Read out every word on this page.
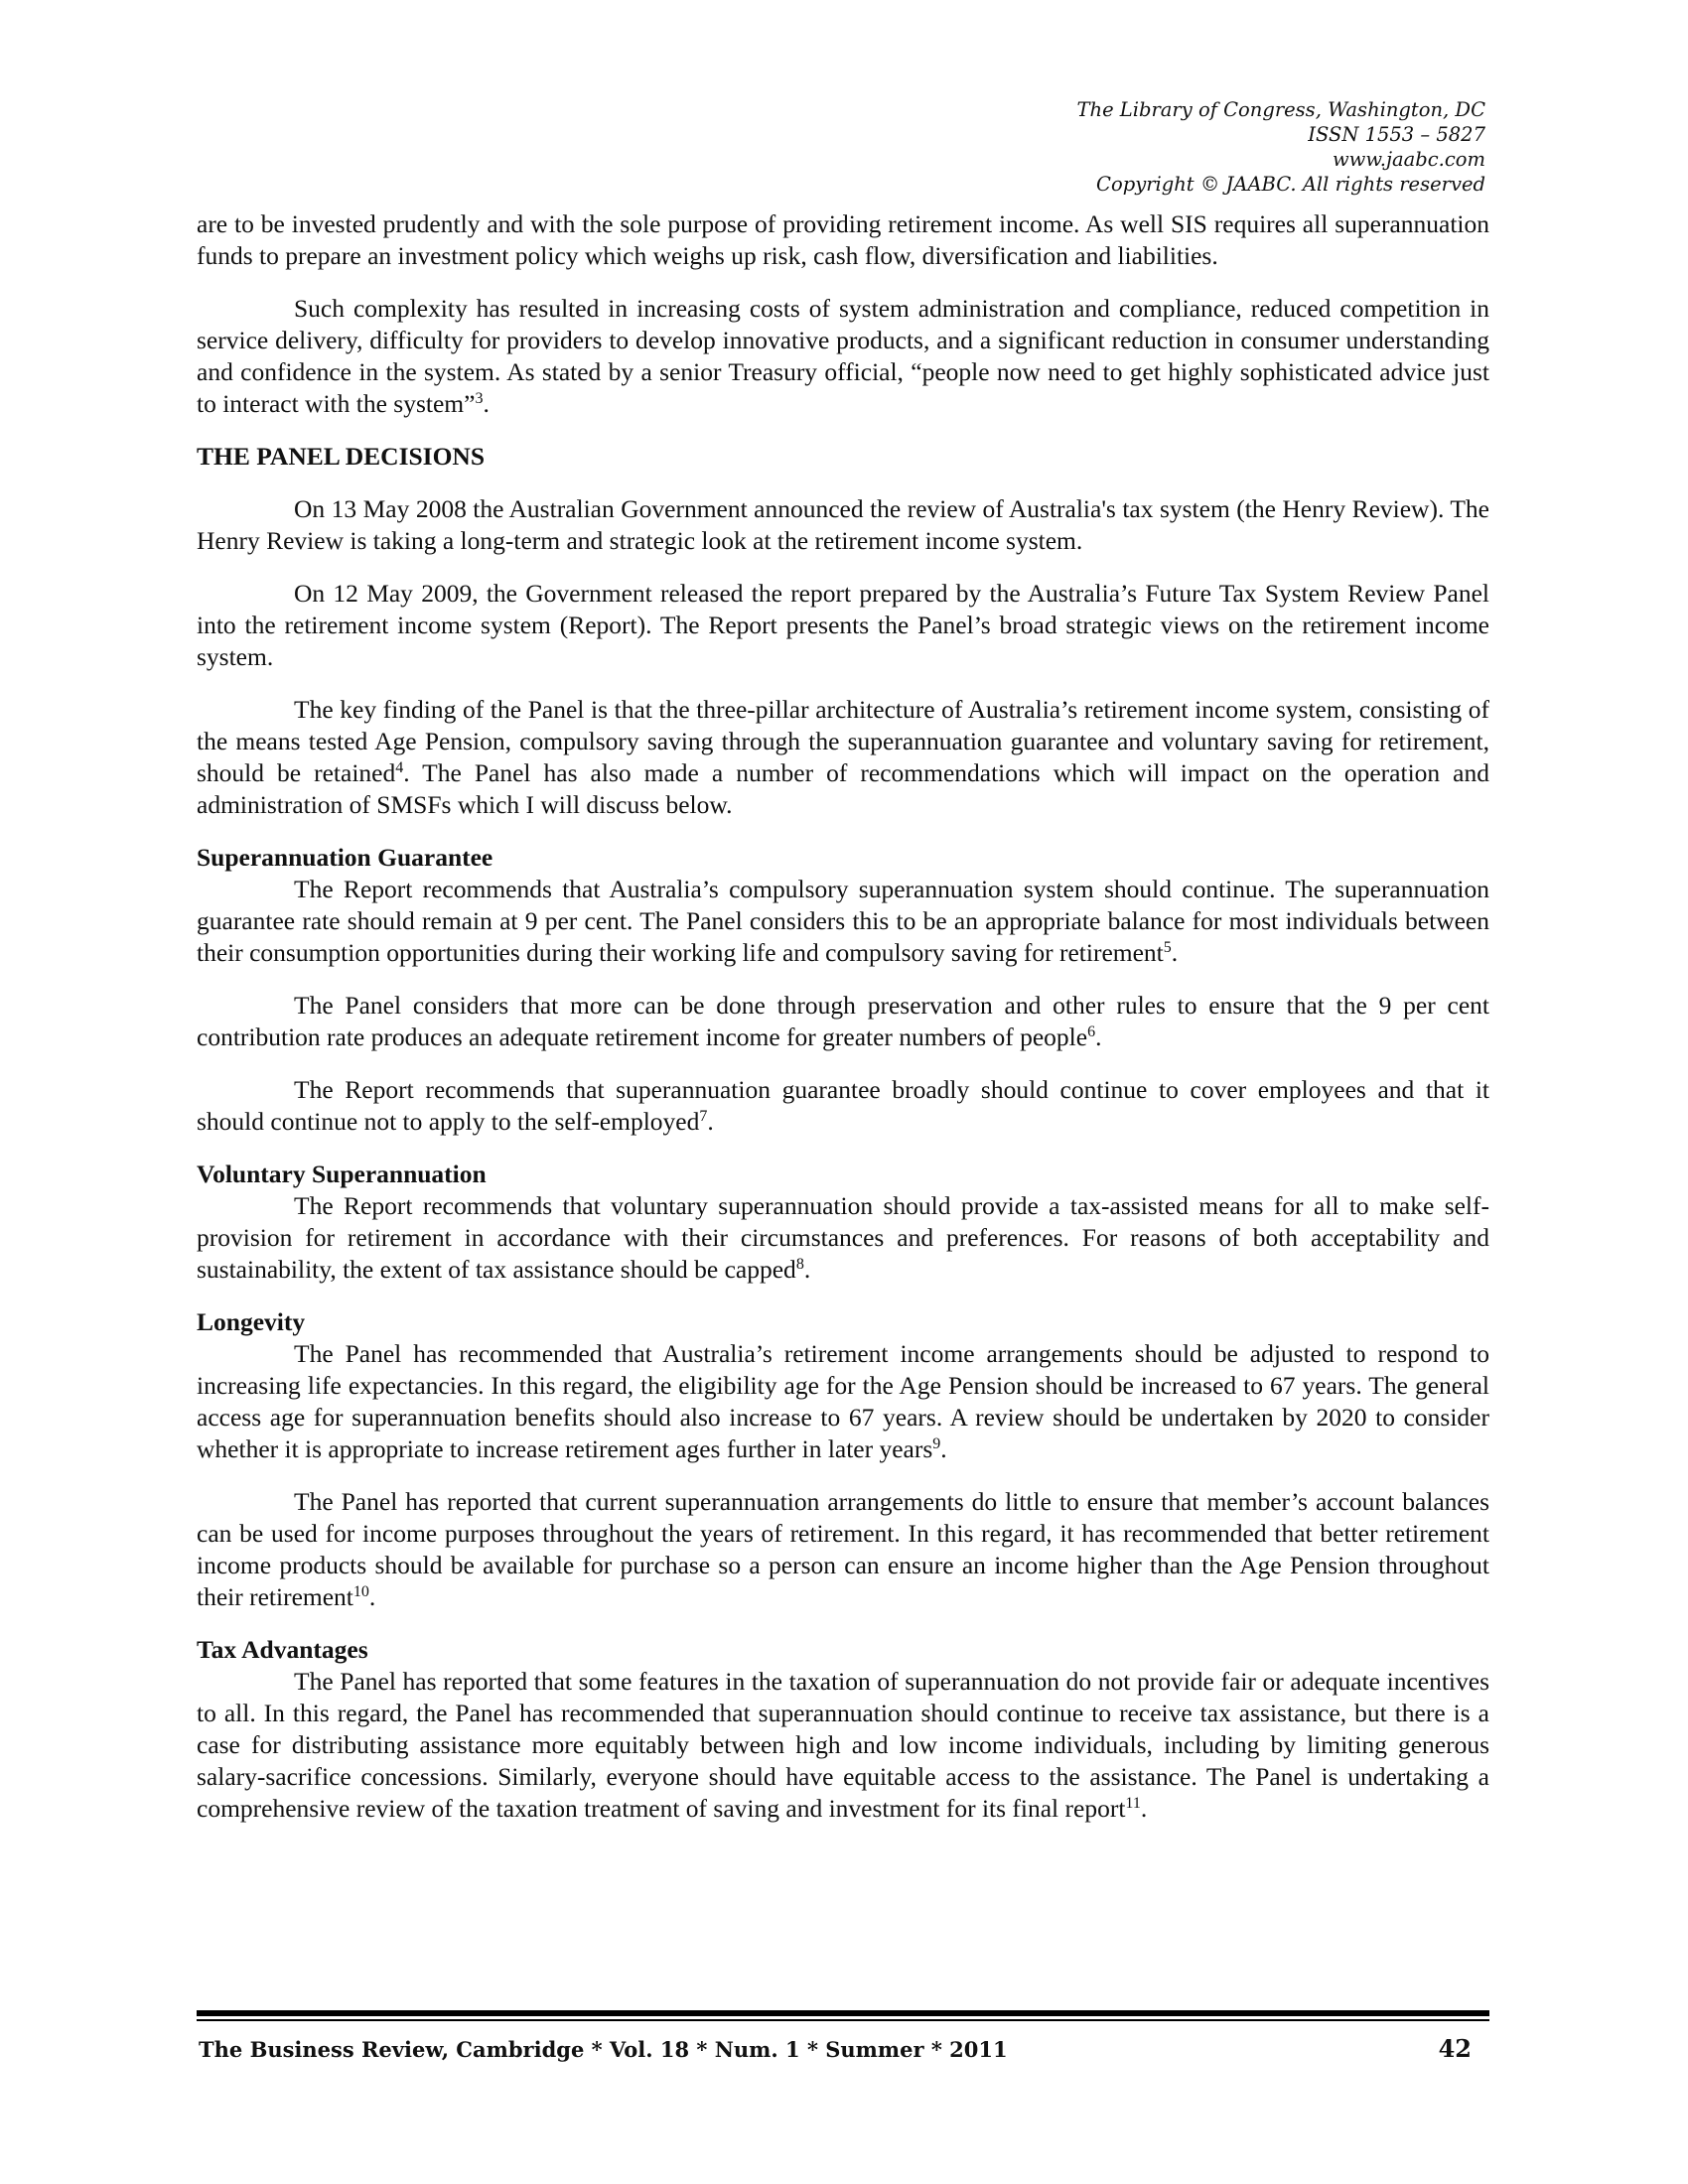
The Library of Congress, Washington, DC
ISSN 1553 – 5827
www.jaabc.com
Copyright © JAABC. All rights reserved

are to be invested prudently and with the sole purpose of providing retirement income. As well SIS requires all superannuation funds to prepare an investment policy which weighs up risk, cash flow, diversification and liabilities.

Such complexity has resulted in increasing costs of system administration and compliance, reduced competition in service delivery, difficulty for providers to develop innovative products, and a significant reduction in consumer understanding and confidence in the system. As stated by a senior Treasury official, “people now need to get highly sophisticated advice just to interact with the system”$^3$.

THE PANEL DECISIONS

On 13 May 2008 the Australian Government announced the review of Australia's tax system (the Henry Review). The Henry Review is taking a long-term and strategic look at the retirement income system.

On 12 May 2009, the Government released the report prepared by the Australia’s Future Tax System Review Panel into the retirement income system (Report). The Report presents the Panel’s broad strategic views on the retirement income system.

The key finding of the Panel is that the three-pillar architecture of Australia’s retirement income system, consisting of the means tested Age Pension, compulsory saving through the superannuation guarantee and voluntary saving for retirement, should be retained$^4$. The Panel has also made a number of recommendations which will impact on the operation and administration of SMSFs which I will discuss below.

Superannuation Guarantee

The Report recommends that Australia’s compulsory superannuation system should continue. The superannuation guarantee rate should remain at 9 per cent. The Panel considers this to be an appropriate balance for most individuals between their consumption opportunities during their working life and compulsory saving for retirement$^5$.

The Panel considers that more can be done through preservation and other rules to ensure that the 9 per cent contribution rate produces an adequate retirement income for greater numbers of people$^6$.

The Report recommends that superannuation guarantee broadly should continue to cover employees and that it should continue not to apply to the self-employed$^7$.

Voluntary Superannuation

The Report recommends that voluntary superannuation should provide a tax-assisted means for all to make self-provision for retirement in accordance with their circumstances and preferences. For reasons of both acceptability and sustainability, the extent of tax assistance should be capped$^8$.

Longevity

The Panel has recommended that Australia’s retirement income arrangements should be adjusted to respond to increasing life expectancies. In this regard, the eligibility age for the Age Pension should be increased to 67 years. The general access age for superannuation benefits should also increase to 67 years. A review should be undertaken by 2020 to consider whether it is appropriate to increase retirement ages further in later years$^9$.

The Panel has reported that current superannuation arrangements do little to ensure that member’s account balances can be used for income purposes throughout the years of retirement. In this regard, it has recommended that better retirement income products should be available for purchase so a person can ensure an income higher than the Age Pension throughout their retirement$^{10}$.

Tax Advantages

The Panel has reported that some features in the taxation of superannuation do not provide fair or adequate incentives to all. In this regard, the Panel has recommended that superannuation should continue to receive tax assistance, but there is a case for distributing assistance more equitably between high and low income individuals, including by limiting generous salary-sacrifice concessions. Similarly, everyone should have equitable access to the assistance. The Panel is undertaking a comprehensive review of the taxation treatment of saving and investment for its final report$^{11}$.

The Business Review, Cambridge * Vol. 18 * Num. 1 * Summer * 2011	42
